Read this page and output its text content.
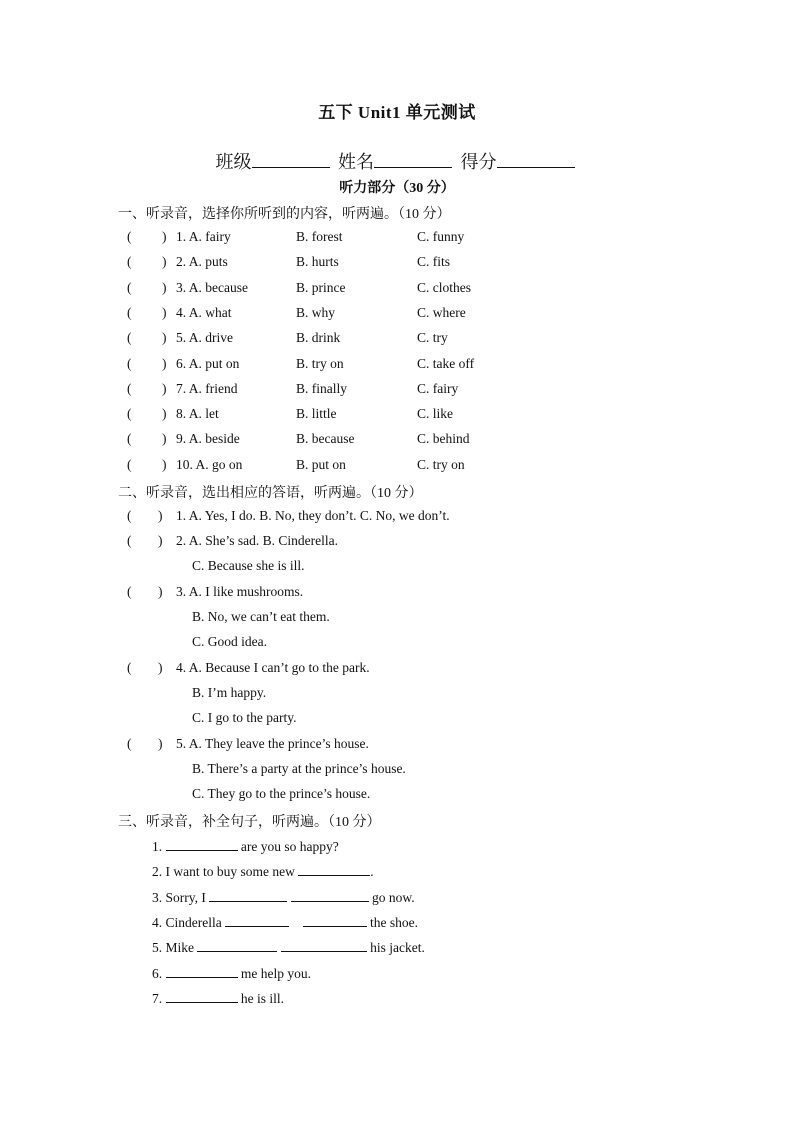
五下 Unit1 单元测试
班级	姓名	得分
听力部分（30 分）
一、听录音，选择你所听到的内容，听两遍。（10 分）
( ) 1. A. fairy	B. forest	C. funny
( ) 2. A. puts	B. hurts	C. fits
( ) 3. A. because	B. prince	C. clothes
( ) 4. A. what	B. why	C. where
( ) 5. A. drive	B. drink	C. try
( ) 6. A. put on	B. try on	C. take off
( ) 7. A. friend	B. finally	C. fairy
( ) 8. A. let	B. little	C. like
( ) 9. A. beside	B. because	C. behind
( ) 10. A. go on	B. put on	C. try on
二、听录音，选出相应的答语，听两遍。（10 分）
( ) 1. A. Yes, I do. B. No, they don’t. C. No, we don’t.
( ) 2. A. She’s sad. B. Cinderella.
C. Because she is ill.
( ) 3. A. I like mushrooms.
B. No, we can’t eat them.
C. Good idea.
( ) 4. A. Because I can’t go to the park.
B. I’m happy.
C. I go to the party.
( ) 5. A. They leave the prince’s house.
B. There’s a party at the prince’s house.
C. They go to the prince’s house.
三、听录音，补全句子，听两遍。（10 分）
1.	are you so happy?
2. I want to buy some new	.
3. Sorry, I	go now.
4. Cinderella	the shoe.
5. Mike	his jacket.
6.	me help you.
7.	he is ill.
